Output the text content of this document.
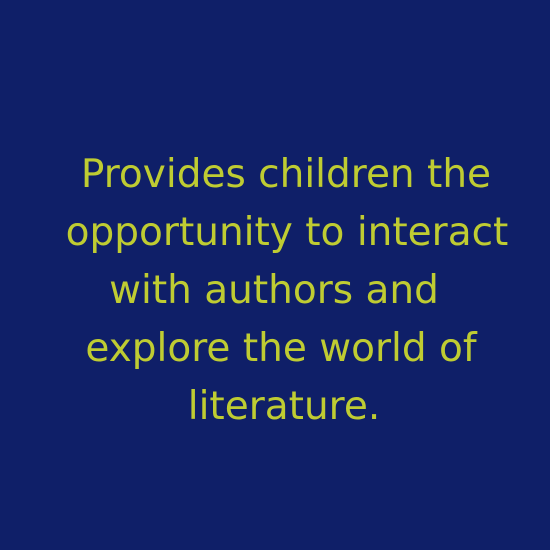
Provides children the
opportunity to interact
with authors and
explore the world of
literature.
